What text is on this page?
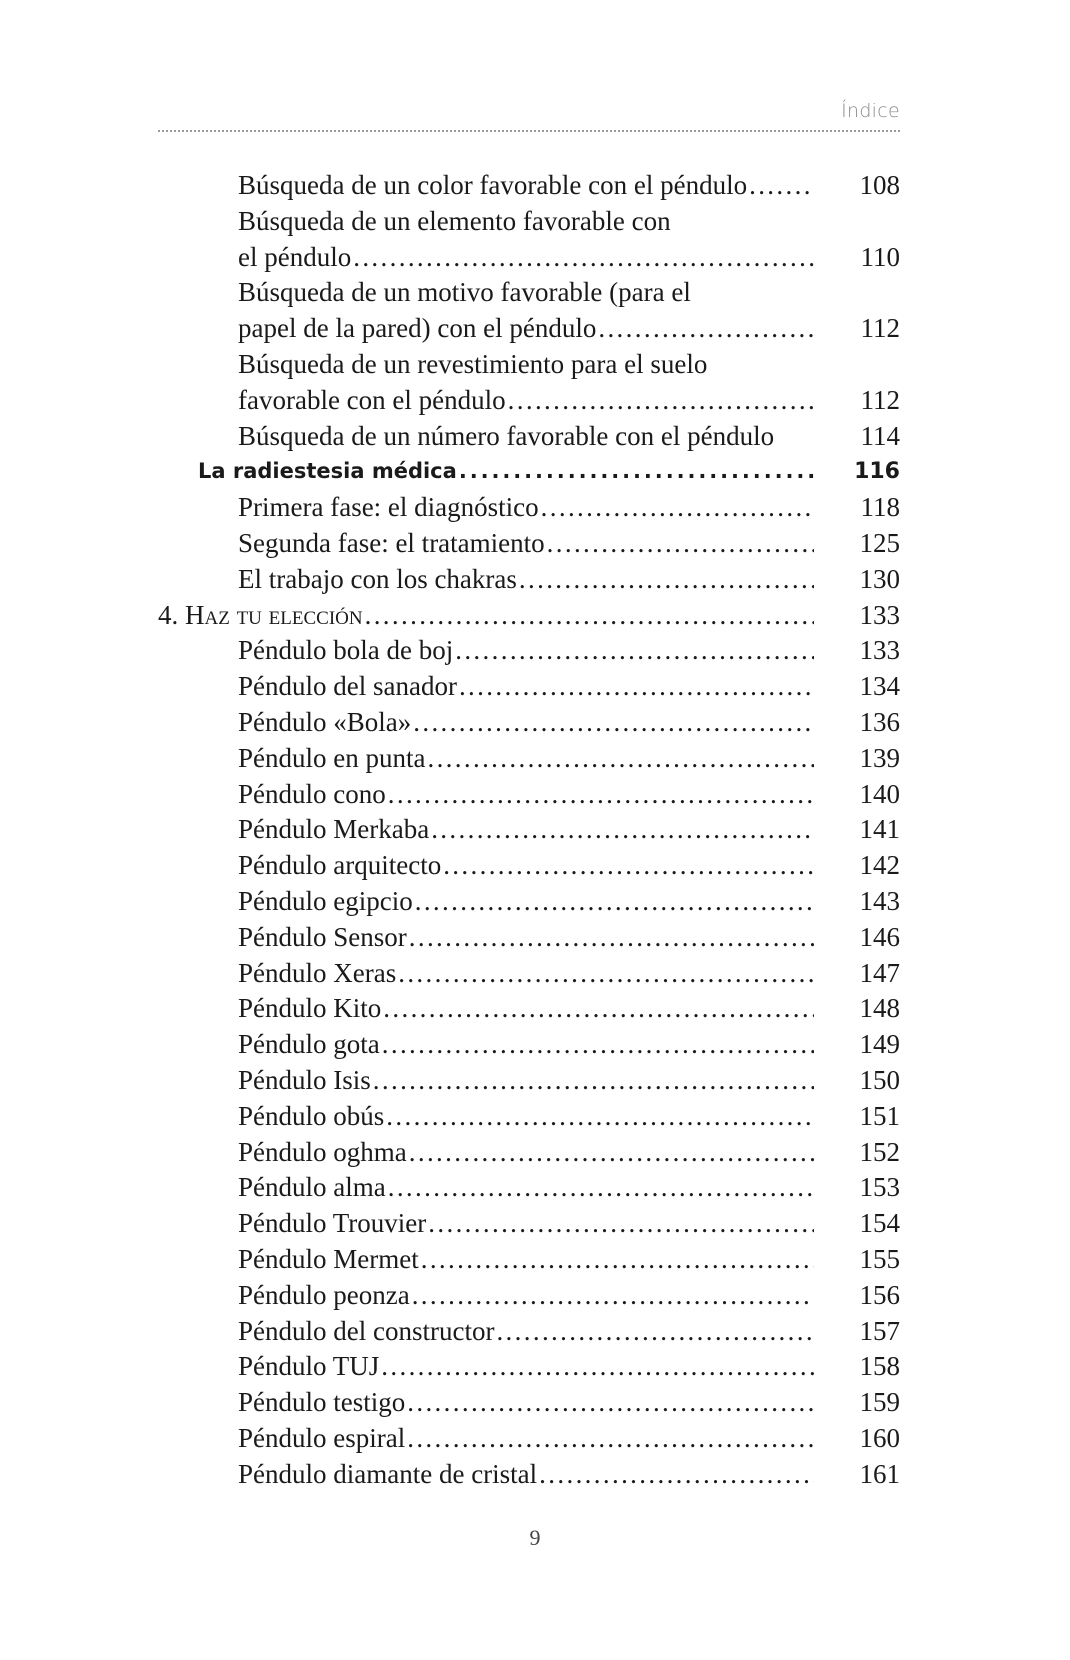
Índice
Búsqueda de un color favorable con el péndulo . . .	108
Búsqueda de un elemento favorable con
el péndulo . . .	110
Búsqueda de un motivo favorable (para el
papel de la pared) con el péndulo . . .	112
Búsqueda de un revestimiento para el suelo
favorable con el péndulo . . .	112
Búsqueda de un número favorable con el péndulo	114
La radiestesia médica . . .	116
Primera fase: el diagnóstico . . .	118
Segunda fase: el tratamiento . . .	125
El trabajo con los chakras . . .	130
4. Haz tu elección . . .	133
Péndulo bola de boj . . .	133
Péndulo del sanador . . .	134
Péndulo «Bola» . . .	136
Péndulo en punta . . .	139
Péndulo cono . . .	140
Péndulo Merkaba . . .	141
Péndulo arquitecto . . .	142
Péndulo egipcio . . .	143
Péndulo Sensor . . .	146
Péndulo Xeras . . .	147
Péndulo Kito . . .	148
Péndulo gota . . .	149
Péndulo Isis . . .	150
Péndulo obús . . .	151
Péndulo oghma . . .	152
Péndulo alma . . .	153
Péndulo Trouvier . . .	154
Péndulo Mermet . . .	155
Péndulo peonza . . .	156
Péndulo del constructor . . .	157
Péndulo TUJ . . .	158
Péndulo testigo . . .	159
Péndulo espiral . . .	160
Péndulo diamante de cristal . . .	161
9
